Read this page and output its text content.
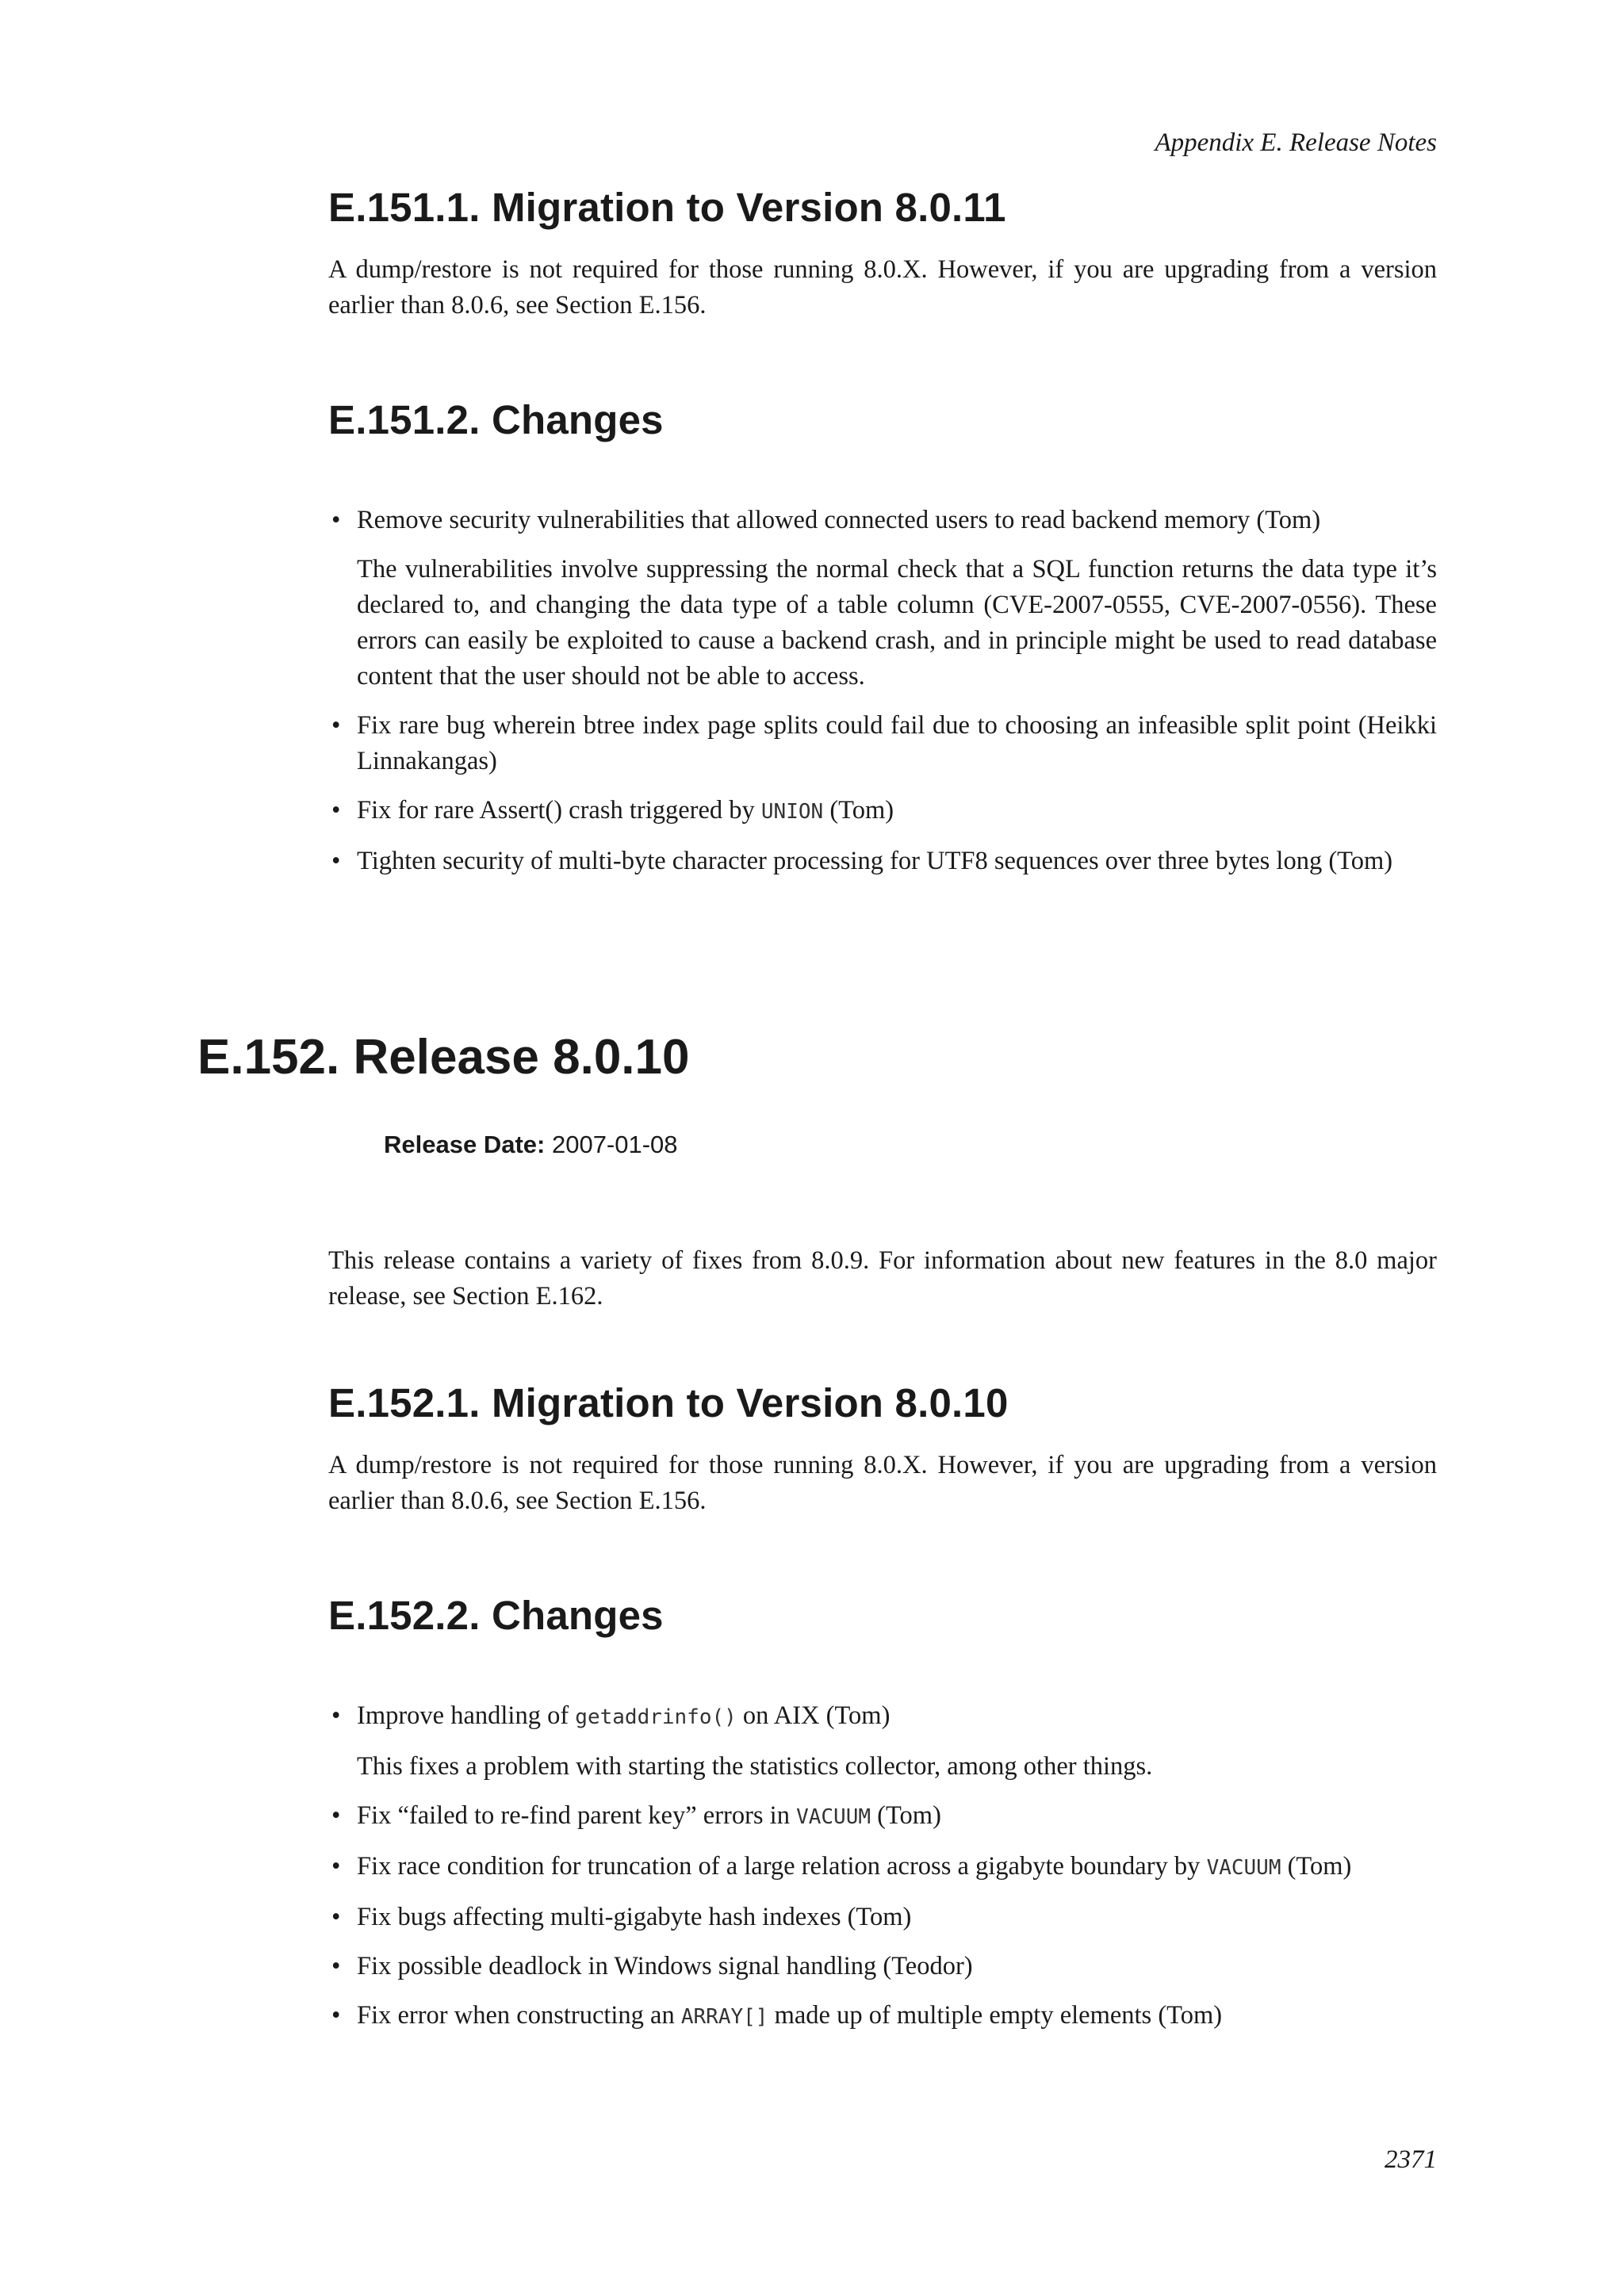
Appendix E. Release Notes
E.151.1. Migration to Version 8.0.11

A dump/restore is not required for those running 8.0.X. However, if you are upgrading from a version earlier than 8.0.6, see Section E.156.

E.151.2. Changes
• Remove security vulnerabilities that allowed connected users to read backend memory (Tom)

The vulnerabilities involve suppressing the normal check that a SQL function returns the data type it’s declared to, and changing the data type of a table column (CVE-2007-0555, CVE-2007-0556). These errors can easily be exploited to cause a backend crash, and in principle might be used to read database content that the user should not be able to access.

• Fix rare bug wherein btree index page splits could fail due to choosing an infeasible split point (Heikki Linnakangas)

• Fix for rare Assert() crash triggered by UNION (Tom)

• Tighten security of multi-byte character processing for UTF8 sequences over three bytes long (Tom)

E.152. Release 8.0.10
Release Date: 2007-01-08

This release contains a variety of fixes from 8.0.9. For information about new features in the 8.0 major release, see Section E.162.

E.152.1. Migration to Version 8.0.10

A dump/restore is not required for those running 8.0.X. However, if you are upgrading from a version earlier than 8.0.6, see Section E.156.

E.152.2. Changes
• Improve handling of getaddrinfo() on AIX (Tom)

This fixes a problem with starting the statistics collector, among other things.

• Fix “failed to re-find parent key” errors in VACUUM (Tom)

• Fix race condition for truncation of a large relation across a gigabyte boundary by VACUUM (Tom)

• Fix bugs affecting multi-gigabyte hash indexes (Tom)

• Fix possible deadlock in Windows signal handling (Teodor)

• Fix error when constructing an ARRAY[] made up of multiple empty elements (Tom)

2371
